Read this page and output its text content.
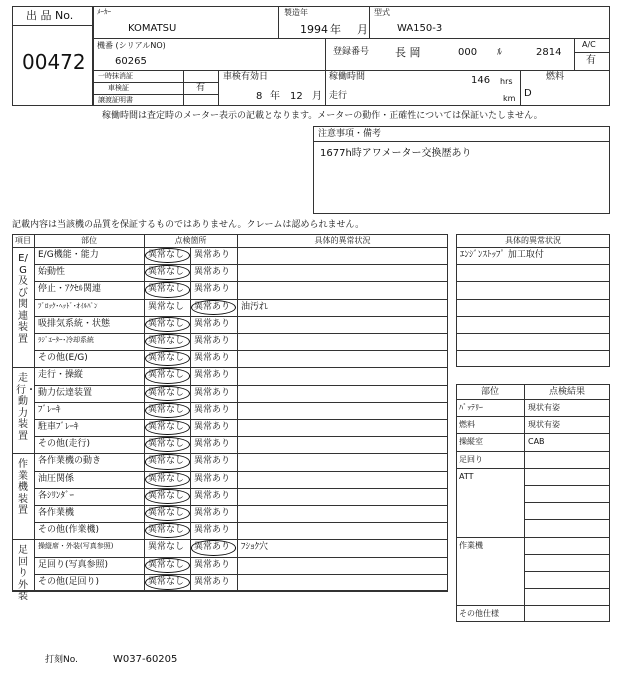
出 品 No.
00472
ﾒｰｶｰ
KOMATSU
製造年
1994 年 月
型式
WA150-3
機番 (シリアルNO)
60265
登録番号 長 岡	000 ﾙ	2814
A/C
有
一時抹消証
車検証	有
譲渡証明書
車検有効日
8 年 12 月
稼働時間	146 hrs
走行	km
燃料
D
稼働時間は査定時のメーター表示の記載となります。メーターの動作・正確性については保証いたしません。
注意事項・備考
1677h時アワメーター交換歴あり
記載内容は当該機の品質を保証するものではありません。クレームは認められません。
項目	部位	点検箇所	具体的異常状況
E/G及び関連装置
E/G機能・能力	異常なし 異常あり
始動性	異常なし 異常あり
停止・ｱｸｾﾙ関連	異常なし 異常あり
ﾌﾞﾛｯｸ･ﾍｯﾄﾞ･ｵｲﾙﾊﾟﾝ	異常なし 異常あり 油汚れ
吸排気系統・状態	異常なし 異常あり
ﾗｼﾞｴｰﾀｰ･冷却系統	異常なし 異常あり
その他(E/G)	異常なし 異常あり
走行・動力装置
走行・操縦	異常なし 異常あり
動力伝達装置	異常なし 異常あり
ﾌﾞﾚｰｷ	異常なし 異常あり
駐車ﾌﾞﾚｰｷ	異常なし 異常あり
その他(走行)	異常なし 異常あり
作業機装置
各作業機の動き	異常なし 異常あり
油圧関係	異常なし 異常あり
各ｼﾘﾝﾀﾞｰ	異常なし 異常あり
各作業機	異常なし 異常あり
その他(作業機)	異常なし 異常あり
足回り外装
操縦席・外装(写真参照)	異常なし 異常あり ﾌｼｮｸ穴
足回り(写真参照)	異常なし 異常あり
その他(足回り)	異常なし 異常あり
具体的異常状況
ｴﾝｼﾞﾝｽﾄｯﾌﾟ 加工取付
部位	点検結果
ﾊﾞｯﾃﾘｰ	現状有姿
燃料	現状有姿
操縦室	CAB
足回り
ATT
作業機
その他仕様
打刻No.	W037-60205
